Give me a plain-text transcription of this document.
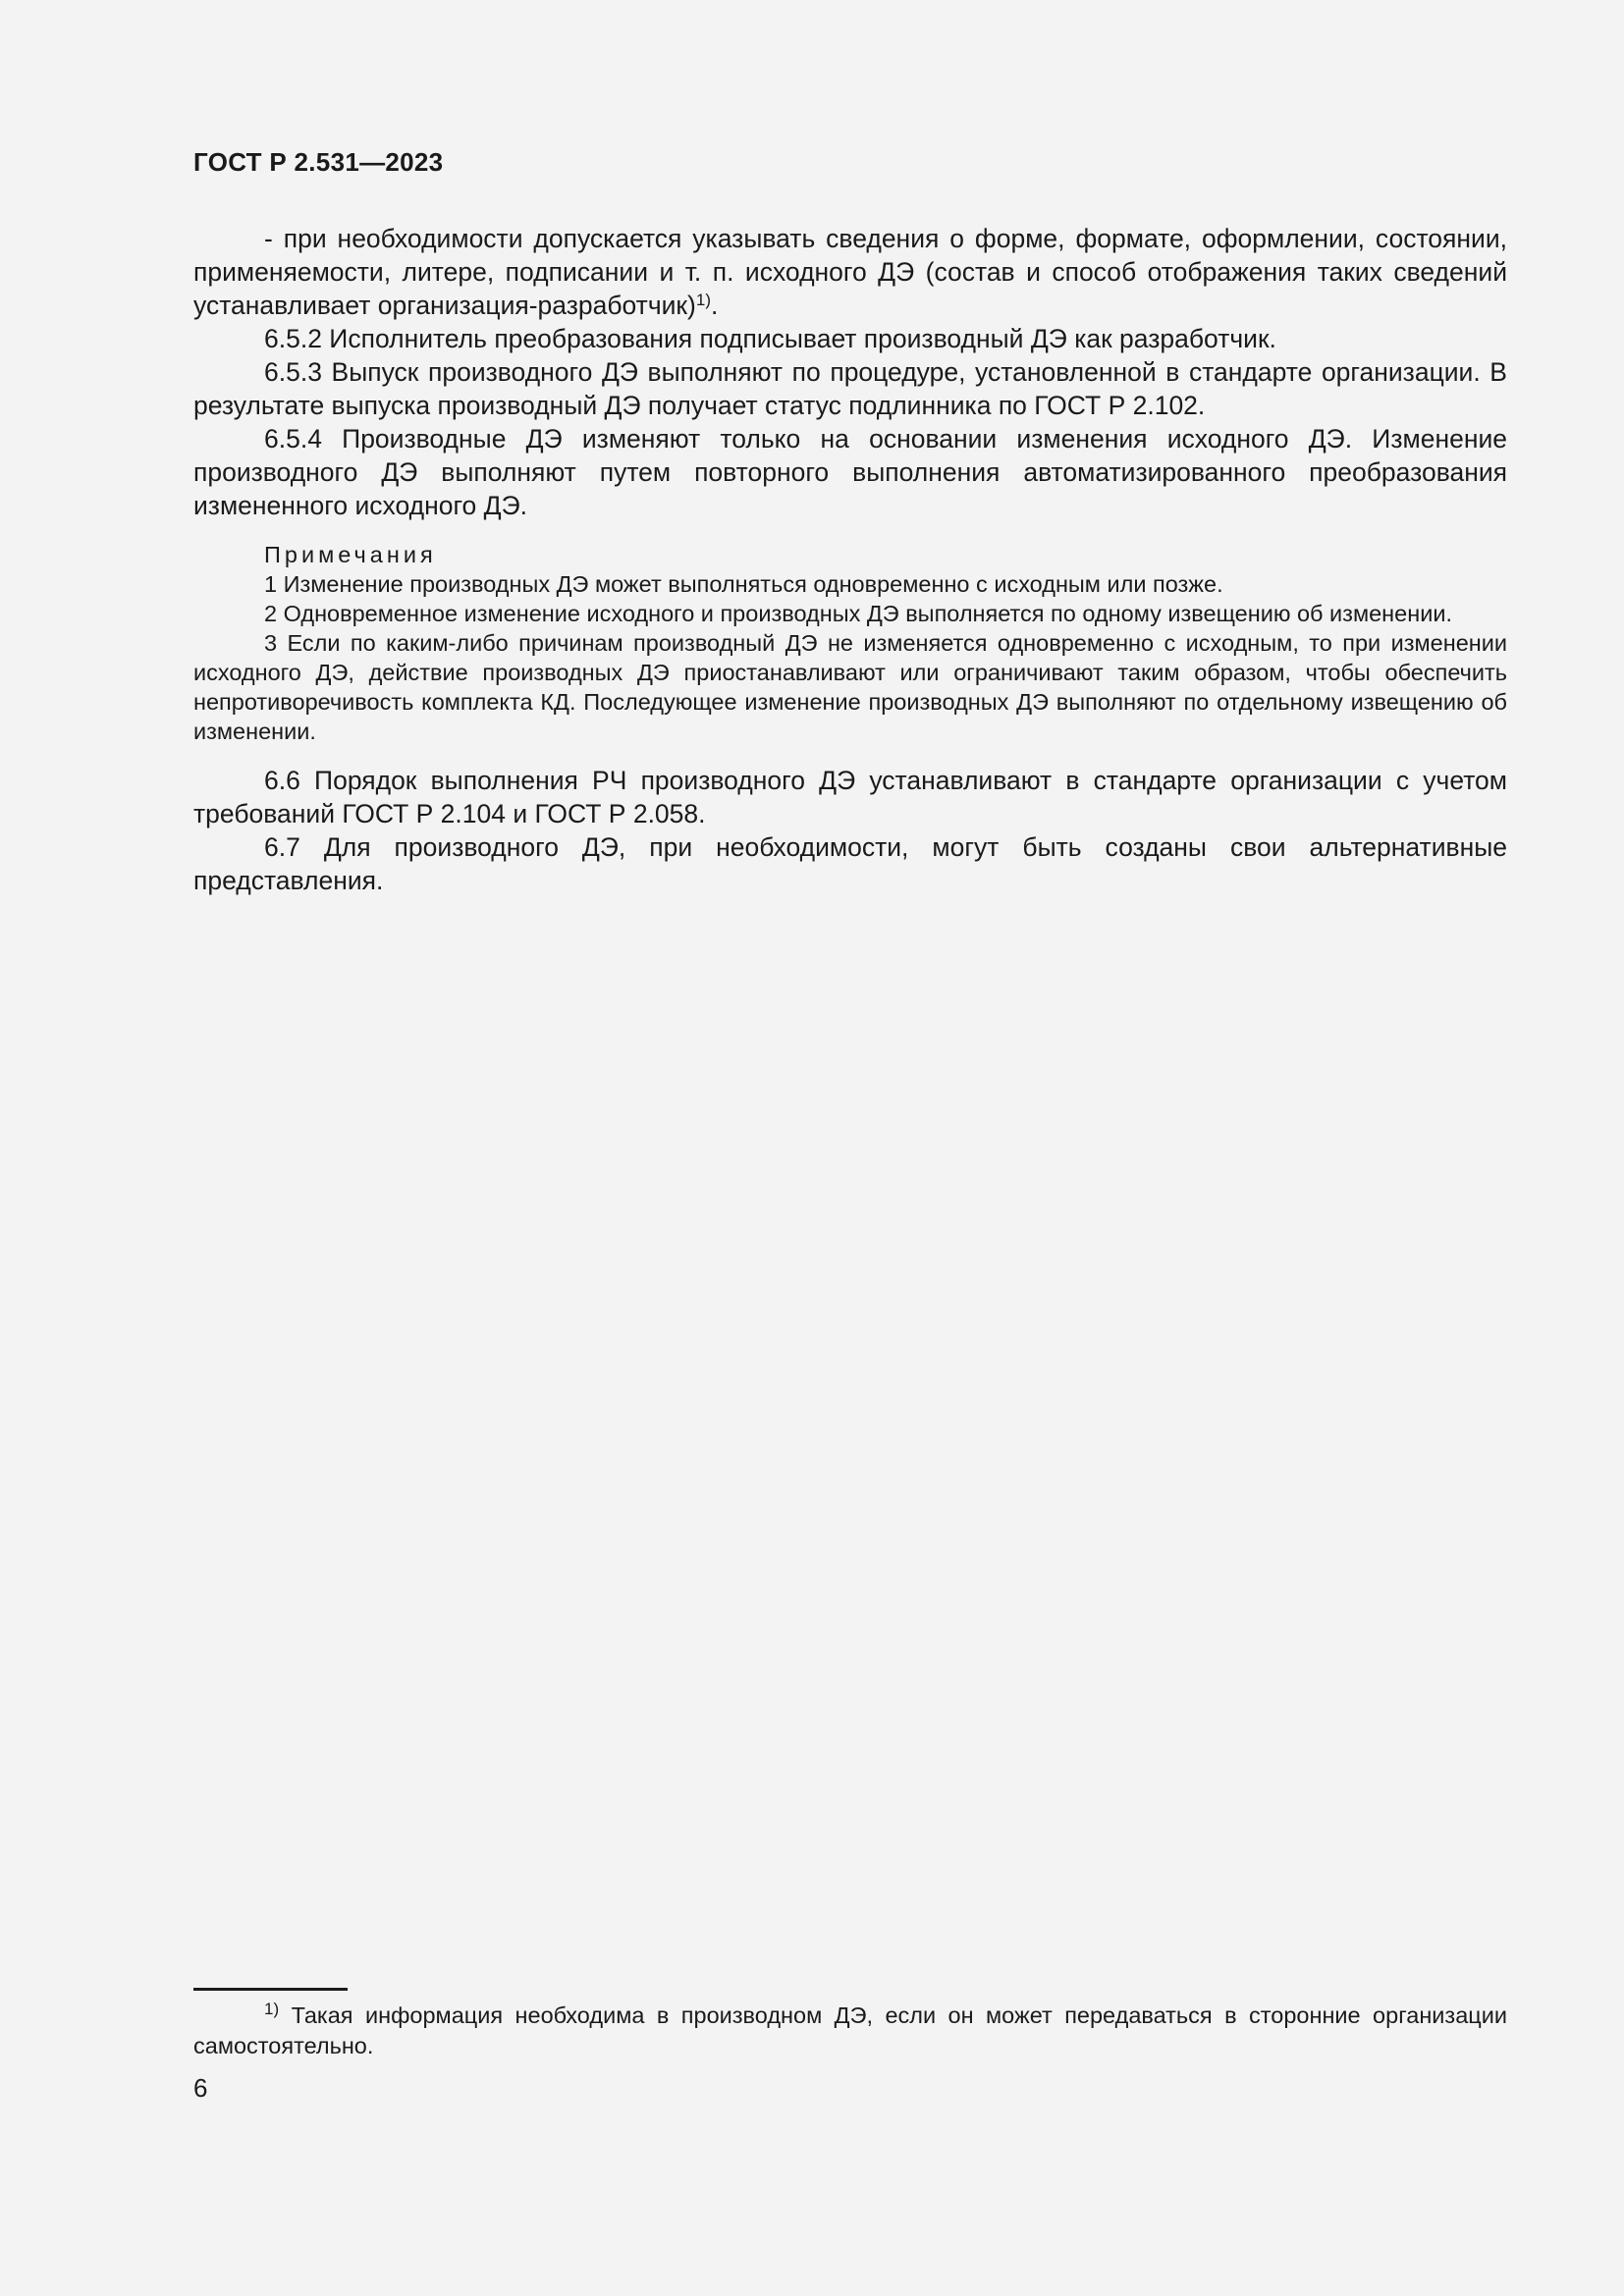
ГОСТ Р 2.531—2023

- при необходимости допускается указывать сведения о форме, формате, оформлении, состоянии, применяемости, литере, подписании и т. п. исходного ДЭ (состав и способ отображения таких сведений устанавливает организация-разработчик)$^{1)}$.

6.5.2 Исполнитель преобразования подписывает производный ДЭ как разработчик.

6.5.3 Выпуск производного ДЭ выполняют по процедуре, установленной в стандарте организации. В результате выпуска производный ДЭ получает статус подлинника по ГОСТ Р 2.102.

6.5.4 Производные ДЭ изменяют только на основании изменения исходного ДЭ. Изменение производного ДЭ выполняют путем повторного выполнения автоматизированного преобразования измененного исходного ДЭ.

Примечания

1 Изменение производных ДЭ может выполняться одновременно с исходным или позже.

2 Одновременное изменение исходного и производных ДЭ выполняется по одному извещению об изменении.

3 Если по каким-либо причинам производный ДЭ не изменяется одновременно с исходным, то при изменении исходного ДЭ, действие производных ДЭ приостанавливают или ограничивают таким образом, чтобы обеспечить непротиворечивость комплекта КД. Последующее изменение производных ДЭ выполняют по отдельному извещению об изменении.

6.6 Порядок выполнения РЧ производного ДЭ устанавливают в стандарте организации с учетом требований ГОСТ Р 2.104 и ГОСТ Р 2.058.

6.7 Для производного ДЭ, при необходимости, могут быть созданы свои альтернативные представления.

$^{1)}$ Такая информация необходима в производном ДЭ, если он может передаваться в сторонние организации самостоятельно.
6
